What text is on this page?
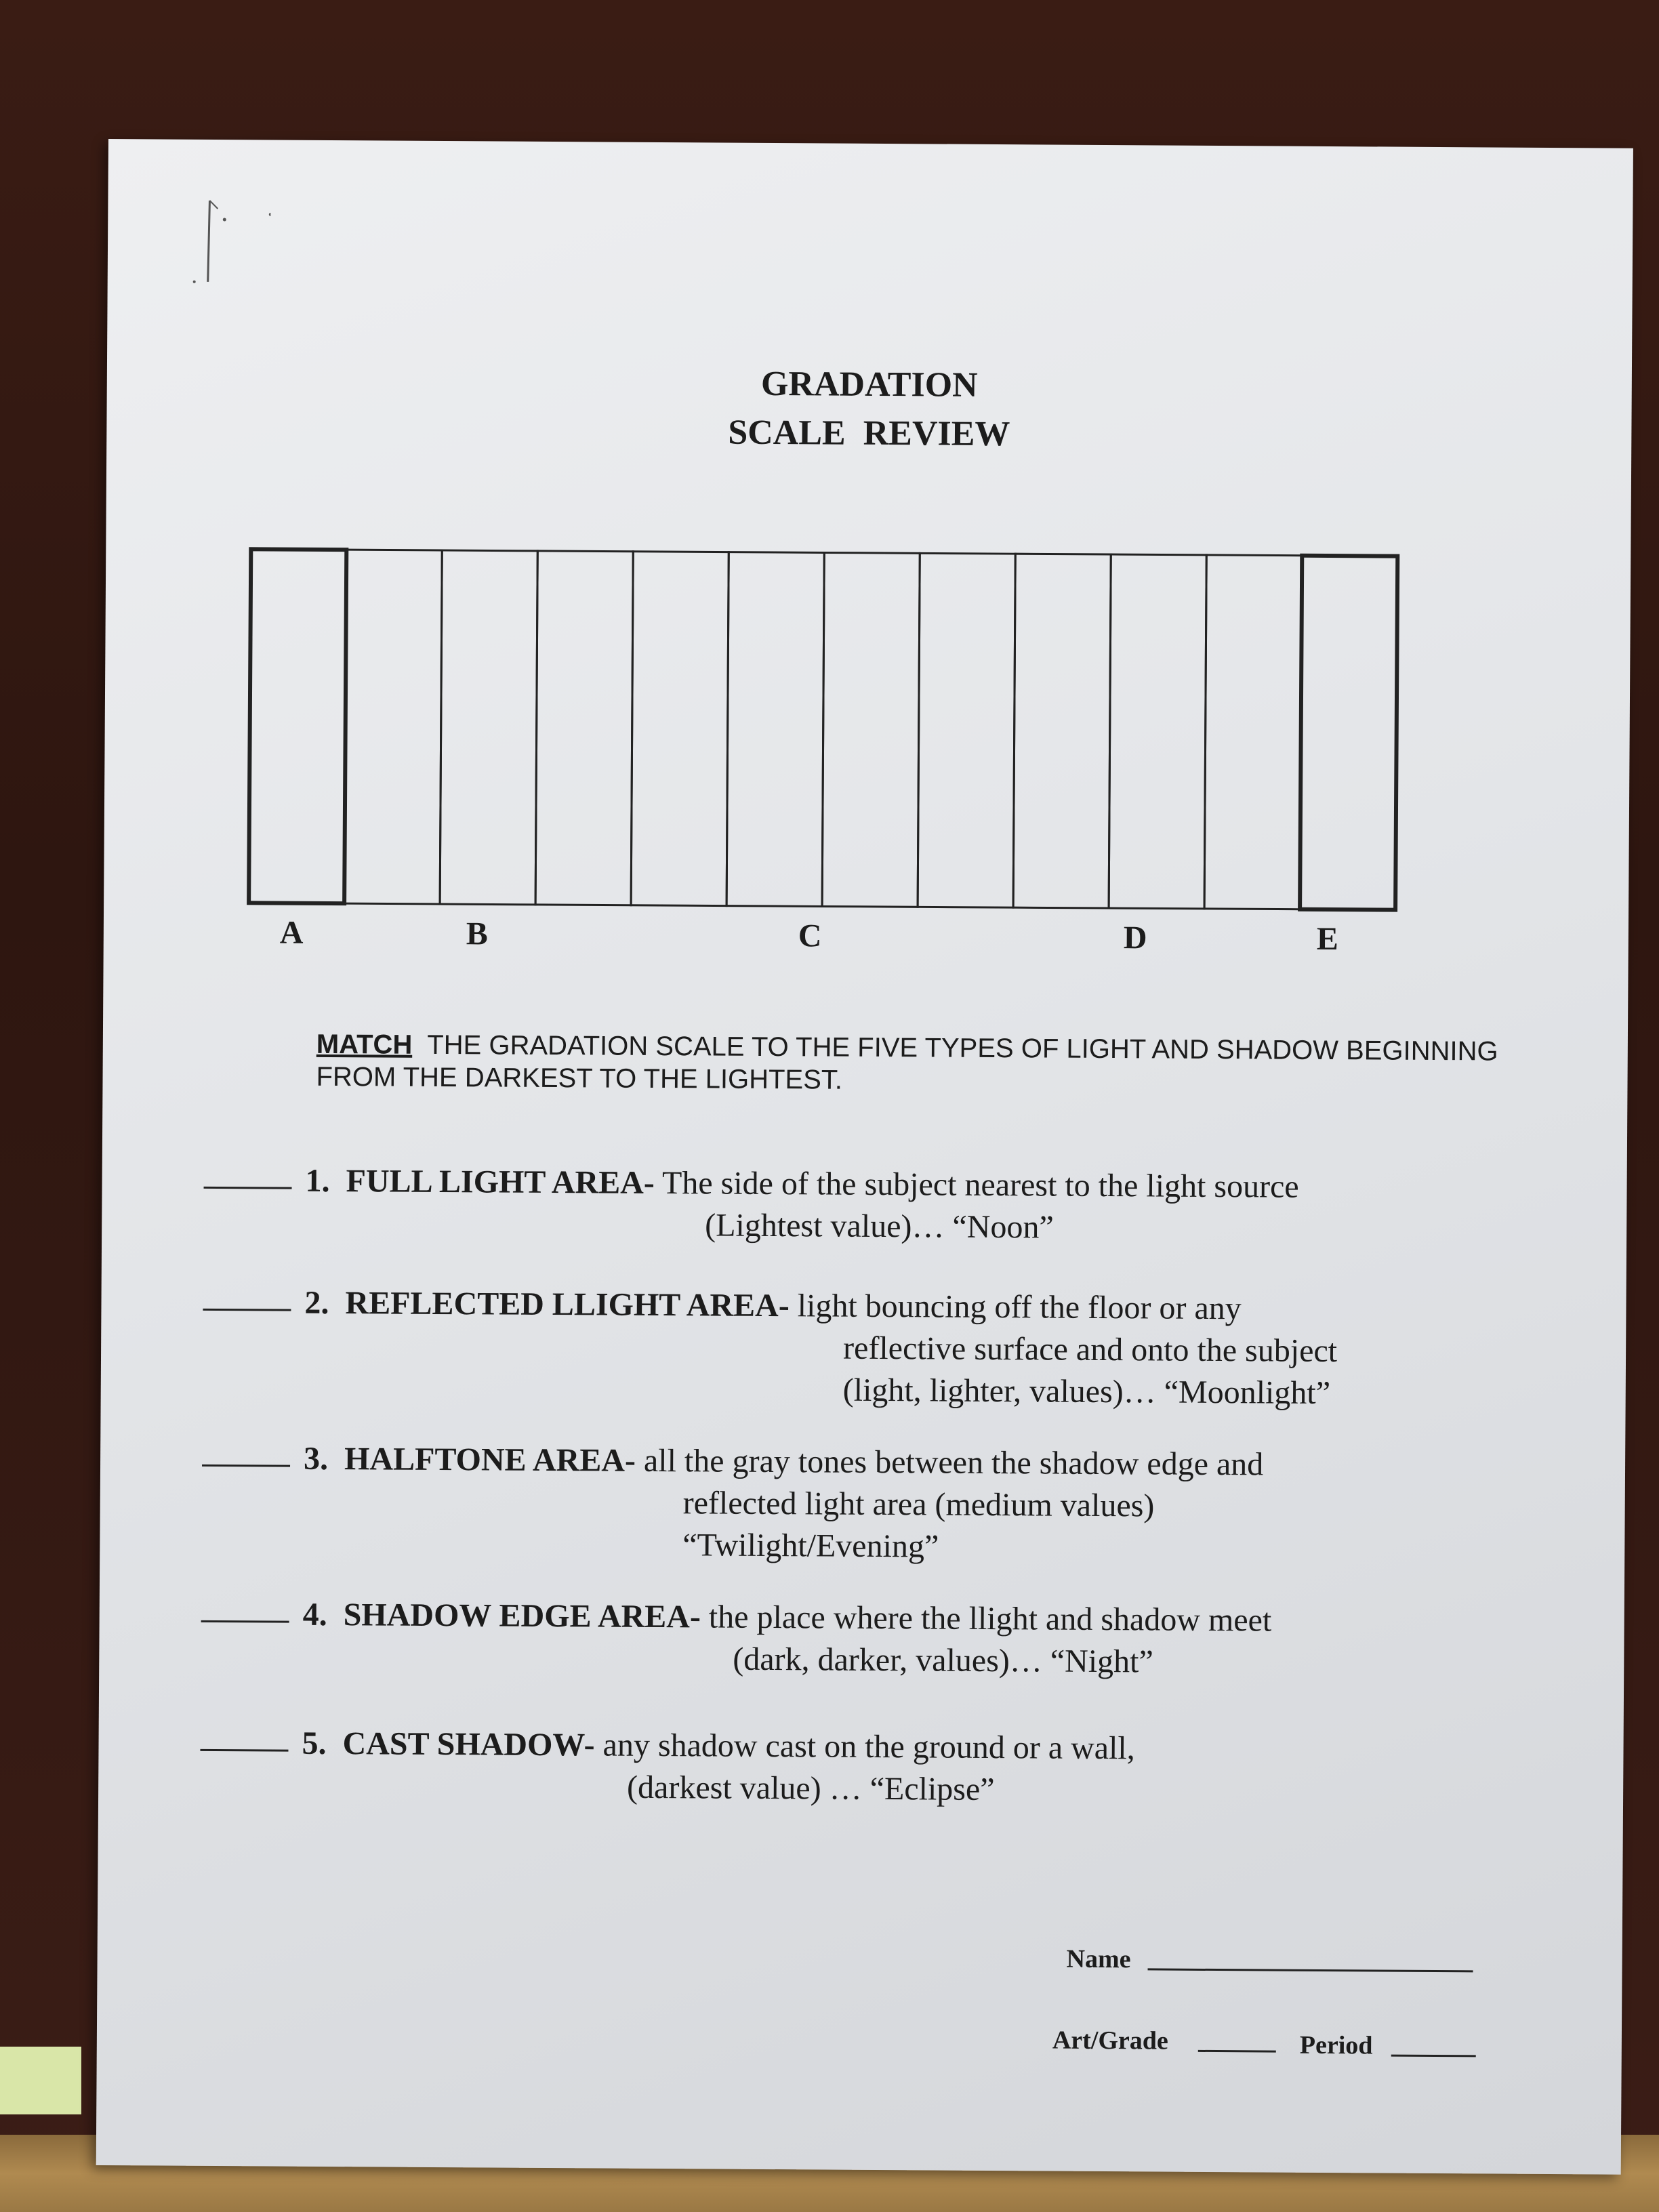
GRADATION
SCALE  REVIEW
A	B	C	D	E
MATCH THE GRADATION SCALE TO THE FIVE TYPES OF LIGHT AND SHADOW BEGINNING
FROM THE DARKEST TO THE LIGHTEST.
1. FULL LIGHT AREA- The side of the subject nearest to the light source
(Lightest value)… “Noon”
2. REFLECTED LLIGHT AREA- light bouncing off the floor or any
reflective surface and onto the subject
(light, lighter, values)… “Moonlight”
3. HALFTONE AREA- all the gray tones between the shadow edge and
reflected light area (medium values)
“Twilight/Evening”
4. SHADOW EDGE AREA- the place where the llight and shadow meet
(dark, darker, values)… “Night”
5. CAST SHADOW- any shadow cast on the ground or a wall,
(darkest value) … “Eclipse”
Name
Art/Grade	Period
